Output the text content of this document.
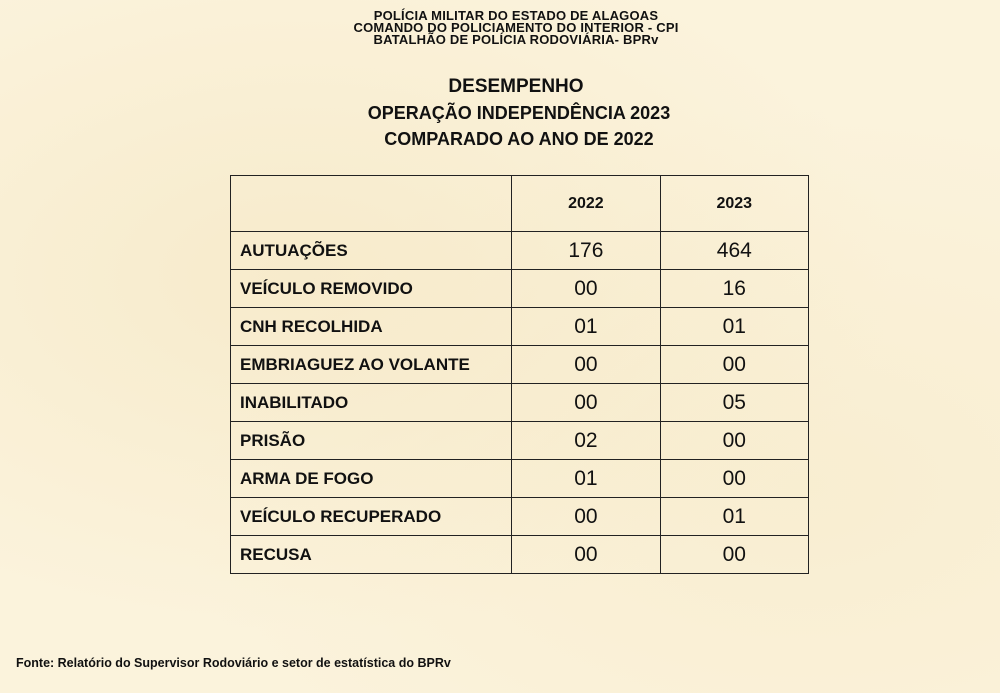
POLÍCIA MILITAR DO ESTADO DE ALAGOAS
COMANDO DO POLICIAMENTO DO INTERIOR - CPI
BATALHÃO DE POLÍCIA RODOVIÁRIA- BPRv
DESEMPENHO
OPERAÇÃO INDEPENDÊNCIA 2023
COMPARADO AO ANO DE 2022
	2022	2023
AUTUAÇÕES	176	464
VEÍCULO REMOVIDO	00	16
CNH RECOLHIDA	01	01
EMBRIAGUEZ AO VOLANTE	00	00
INABILITADO	00	05
PRISÃO	02	00
ARMA DE FOGO	01	00
VEÍCULO RECUPERADO	00	01
RECUSA	00	00
Fonte: Relatório do Supervisor Rodoviário e setor de estatística do BPRv
